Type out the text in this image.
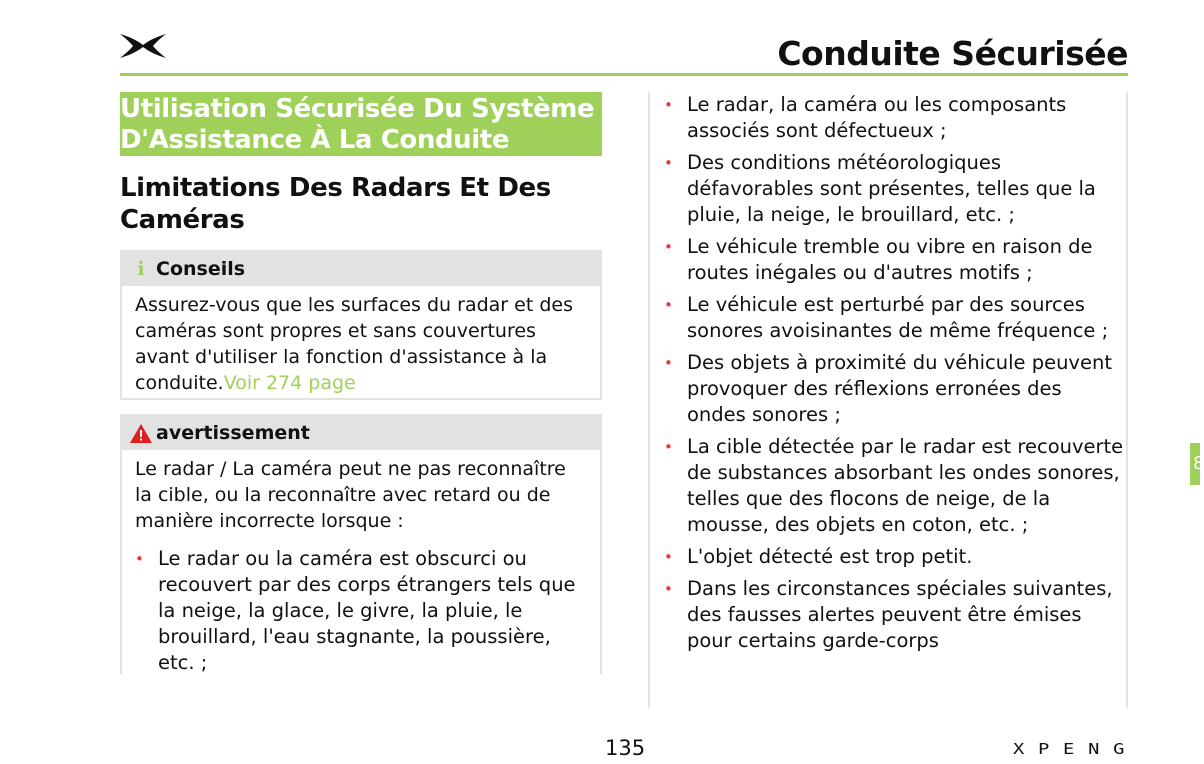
Conduite Sécurisée
Utilisation Sécurisée Du Système D'Assistance À La Conduite
Limitations Des Radars Et Des Caméras
i Conseils
Assurez-vous que les surfaces du radar et des caméras sont propres et sans couvertures avant d'utiliser la fonction d'assistance à la conduite.Voir 274 page
avertissement
Le radar / La caméra peut ne pas reconnaître la cible, ou la reconnaître avec retard ou de manière incorrecte lorsque :
• Le radar ou la caméra est obscurci ou recouvert par des corps étrangers tels que la neige, la glace, le givre, la pluie, le brouillard, l'eau stagnante, la poussière, etc. ;
• Le radar, la caméra ou les composants associés sont défectueux ;
• Des conditions météorologiques défavorables sont présentes, telles que la pluie, la neige, le brouillard, etc. ;
• Le véhicule tremble ou vibre en raison de routes inégales ou d'autres motifs ;
• Le véhicule est perturbé par des sources sonores avoisinantes de même fréquence ;
• Des objets à proximité du véhicule peuvent provoquer des réflexions erronées des ondes sonores ;
• La cible détectée par le radar est recouverte de substances absorbant les ondes sonores, telles que des flocons de neige, de la mousse, des objets en coton, etc. ;
• L'objet détecté est trop petit.
• Dans les circonstances spéciales suivantes, des fausses alertes peuvent être émises pour certains garde-corps
8
135	XPENG
